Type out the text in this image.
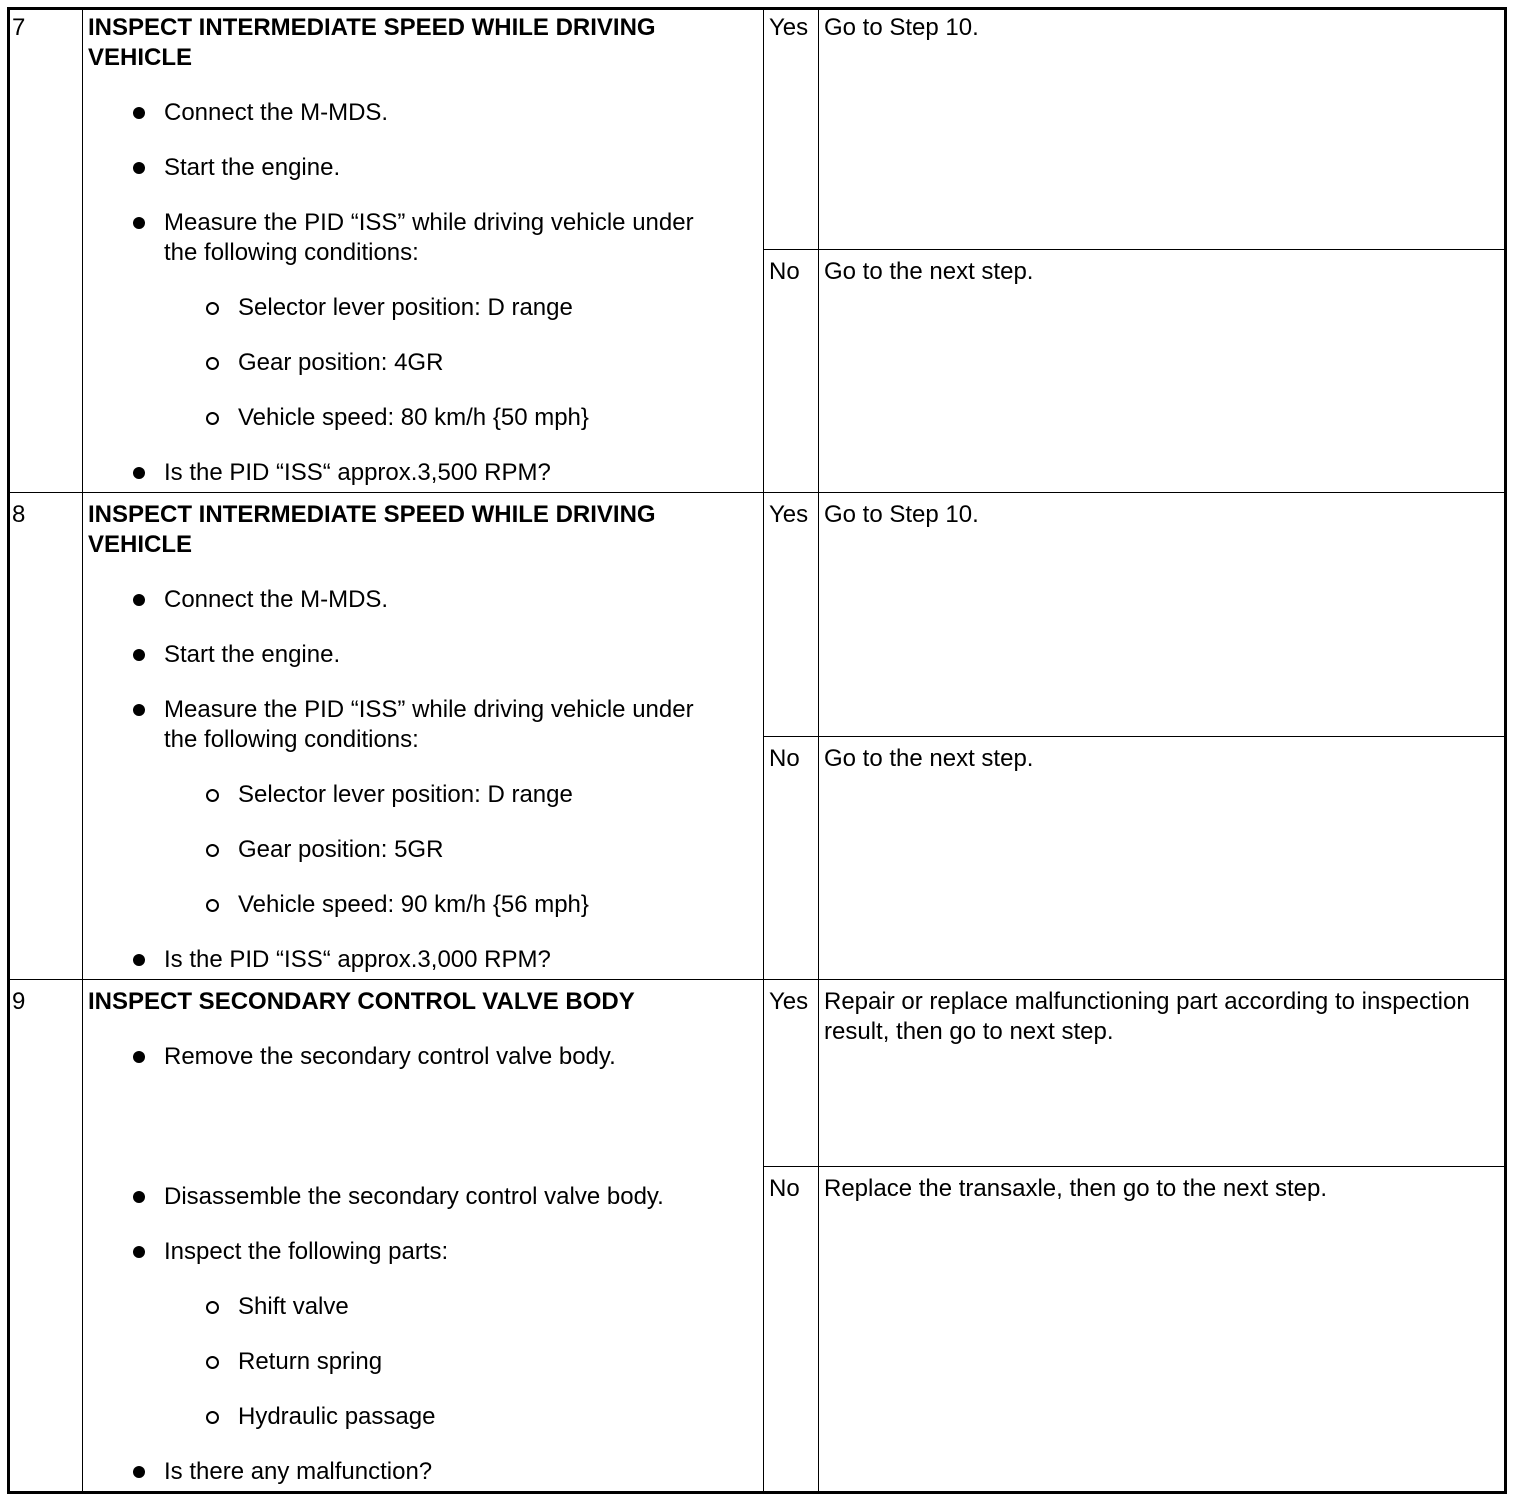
7	INSPECT INTERMEDIATE SPEED WHILE DRIVING
VEHICLE
Connect the M-MDS.
Start the engine.
Measure the PID “ISS” while driving vehicle under
the following conditions:
Selector lever position: D range
Gear position: 4GR
Vehicle speed: 80 km/h {50 mph}
Is the PID “ISS“ approx.3,500 RPM?
Yes Go to Step 10.
No Go to the next step.
8	INSPECT INTERMEDIATE SPEED WHILE DRIVING
VEHICLE
Connect the M-MDS.
Start the engine.
Measure the PID “ISS” while driving vehicle under
the following conditions:
Selector lever position: D range
Gear position: 5GR
Vehicle speed: 90 km/h {56 mph}
Is the PID “ISS“ approx.3,000 RPM?
Yes Go to Step 10.
No Go to the next step.
9	INSPECT SECONDARY CONTROL VALVE BODY
Remove the secondary control valve body.
Disassemble the secondary control valve body.
Inspect the following parts:
Shift valve
Return spring
Hydraulic passage
Is there any malfunction?
Yes Repair or replace malfunctioning part according to inspection
result, then go to next step.
No Replace the transaxle, then go to the next step.
